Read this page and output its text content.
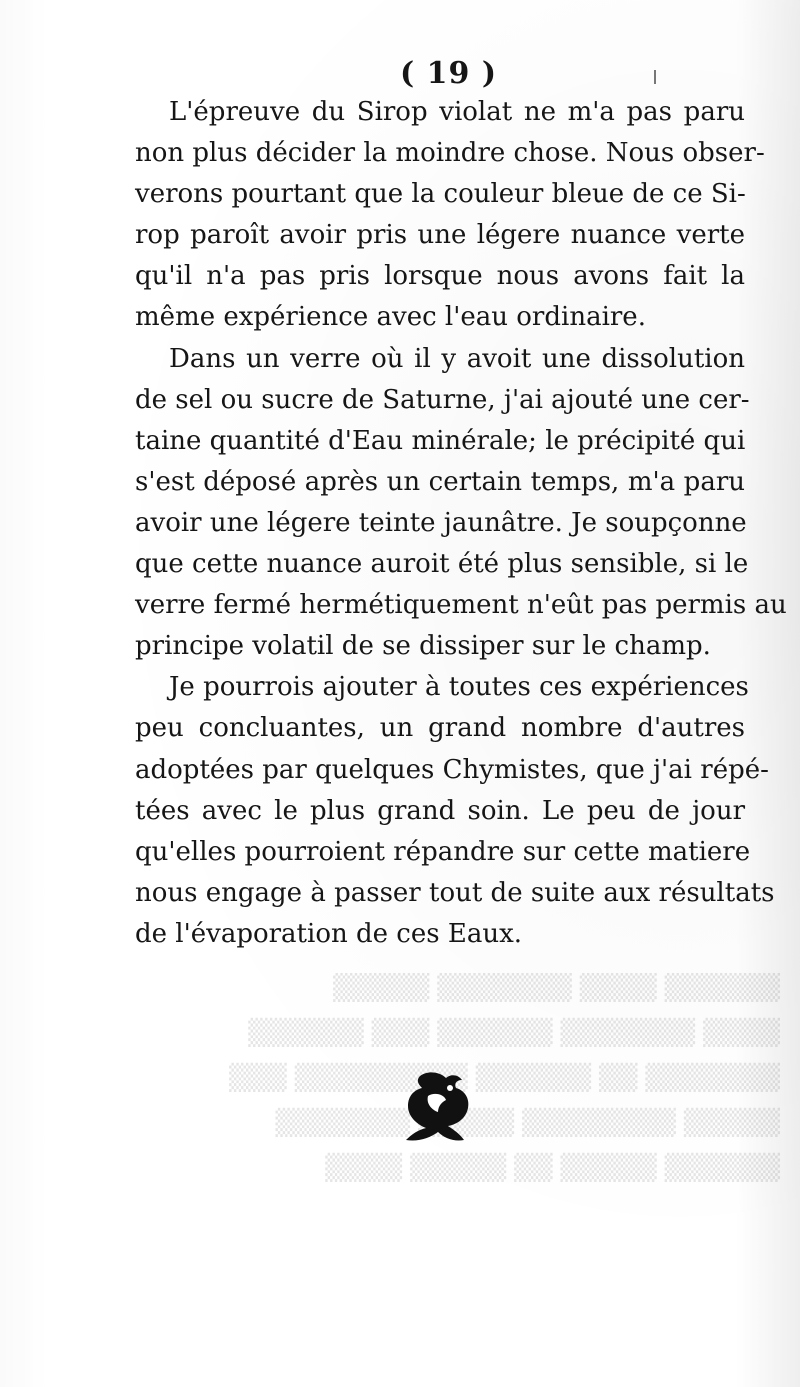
▒▒▒▒▒▒ ▒▒▒▒ ▒▒▒▒▒▒▒ ▒▒▒▒▒
▒▒▒▒ ▒▒▒▒▒▒▒ ▒▒▒▒▒▒ ▒▒▒ ▒▒▒▒▒▒
▒▒▒▒▒▒▒ ▒▒ ▒▒▒▒▒▒ ▒▒▒▒▒▒▒▒▒ ▒▒▒
▒▒▒▒▒ ▒▒▒▒▒▒▒▒ ▒▒▒▒▒ ▒▒▒▒▒▒▒
▒▒▒▒▒▒ ▒▒▒▒▒ ▒▒ ▒▒▒▒▒ ▒▒▒▒
( 19 )
L'épreuve du Sirop violat ne m'a pas paru
non plus décider la moindre chose. Nous obser-
verons pourtant que la couleur bleue de ce Si-
rop paroît avoir pris une légere nuance verte
qu'il n'a pas pris lorsque nous avons fait la
même expérience avec l'eau ordinaire.
Dans un verre où il y avoit une dissolution
de sel ou sucre de Saturne, j'ai ajouté une cer-
taine quantité d'Eau minérale; le précipité qui
s'est déposé après un certain temps, m'a paru
avoir une légere teinte jaunâtre. Je soupçonne
que cette nuance auroit été plus sensible, si le
verre fermé hermétiquement n'eût pas permis au
principe volatil de se dissiper sur le champ.
Je pourrois ajouter à toutes ces expériences
peu concluantes, un grand nombre d'autres
adoptées par quelques Chymistes, que j'ai répé-
tées avec le plus grand soin. Le peu de jour
qu'elles pourroient répandre sur cette matiere
nous engage à passer tout de suite aux résultats
de l'évaporation de ces Eaux.
